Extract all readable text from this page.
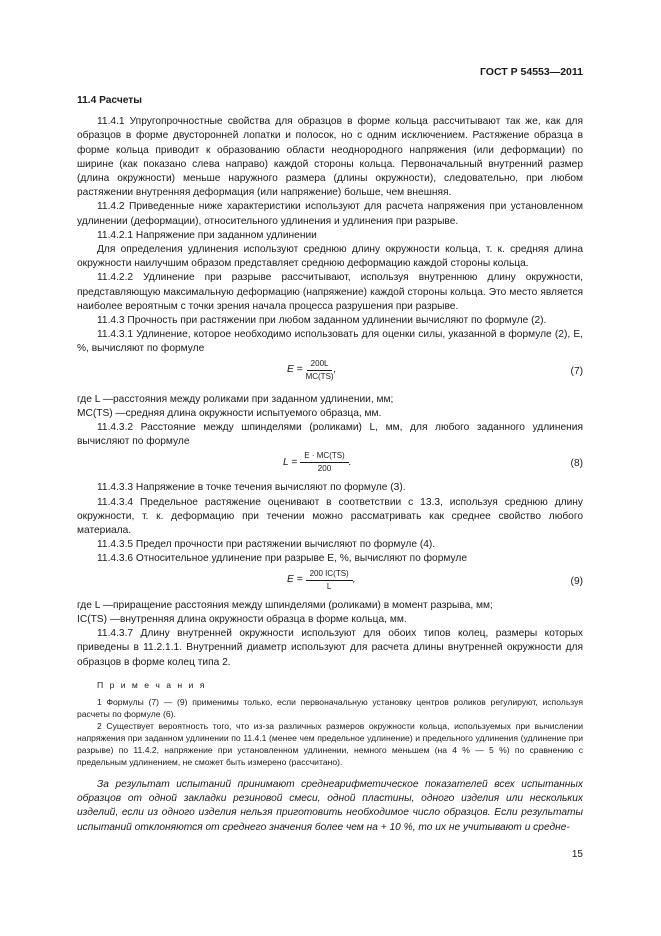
ГОСТ Р 54553—2011

11.4 Расчеты

11.4.1 Упругопрочностные свойства для образцов в форме кольца рассчитывают так же, как для образцов в форме двусторонней лопатки и полосок, но с одним исключением. Растяжение образца в форме кольца приводит к образованию области неоднородного напряжения (или деформации) по ширине (как показано слева направо) каждой стороны кольца. Первоначальный внутренний размер (длина окружности) меньше наружного размера (длины окружности), следовательно, при любом растяжении внутренняя деформация (или напряжение) больше, чем внешняя.

11.4.2 Приведенные ниже характеристики используют для расчета напряжения при установленном удлинении (деформации), относительного удлинения и удлинения при разрыве.

11.4.2.1 Напряжение при заданном удлинении

Для определения удлинения используют среднюю длину окружности кольца, т. к. средняя длина окружности наилучшим образом представляет среднюю деформацию каждой стороны кольца.

11.4.2.2 Удлинение при разрыве рассчитывают, используя внутреннюю длину окружности, представляющую максимальную деформацию (напряжение) каждой стороны кольца. Это место является наиболее вероятным с точки зрения начала процесса разрушения при разрыве.

11.4.3 Прочность при растяжении при любом заданном удлинении вычисляют по формуле (2).

11.4.3.1 Удлинение, которое необходимо использовать для оценки силы, указанной в формуле (2), E, %, вычисляют по формуле

$E = \frac{200L}{MC(TS)}$ ,	(7)
где L — расстояния между роликами при заданном удлинении, мм;
MC(TS) — средняя длина окружности испытуемого образца, мм.

11.4.3.2 Расстояние между шпинделями (роликами) L, мм, для любого заданного удлинения вычисляют по формуле

$L = \frac{E \cdot MC(TS)}{200}$ .	(8)

11.4.3.3 Напряжение в точке течения вычисляют по формуле (3).

11.4.3.4 Предельное растяжение оценивают в соответствии с 13.3, используя среднюю длину окружности, т. к. деформацию при течении можно рассматривать как среднее свойство любого материала.

11.4.3.5 Предел прочности при растяжении вычисляют по формуле (4).

11.4.3.6 Относительное удлинение при разрыве E, %, вычисляют по формуле

$E = \frac{200 IC(TS)}{L}$ ,	(9)
где L — приращение расстояния между шпинделями (роликами) в момент разрыва, мм;
IC(TS) — внутренняя длина окружности образца в форме кольца, мм.

11.4.3.7 Длину внутренней окружности используют для обоих типов колец, размеры которых приведены в 11.2.1.1. Внутренний диаметр используют для расчета длины внутренней окружности для образцов в форме колец типа 2.

П р и м е ч а н и я

1 Формулы (7) — (9) применимы только, если первоначальную установку центров роликов регулируют, используя расчеты по формуле (6).

2 Существует вероятность того, что из-за различных размеров окружности кольца, используемых при вычислении напряжения при заданном удлинении по 11.4.1 (менее чем предельное удлинение) и предельного удлинения (удлинение при разрыве) по 11.4.2, напряжение при установленном удлинении, немного меньшем (на 4 % — 5 %) по сравнению с предельным удлинением, не сможет быть измерено (рассчитано).

За результат испытаний принимают среднеарифметическое показателей всех испытанных образцов от одной закладки резиновой смеси, одной пластины, одного изделия или нескольких изделий, если из одного изделия нельзя приготовить необходимое число образцов. Если результаты испытаний отклоняются от среднего значения более чем на + 10 %, то их не учитывают и средне-

15
